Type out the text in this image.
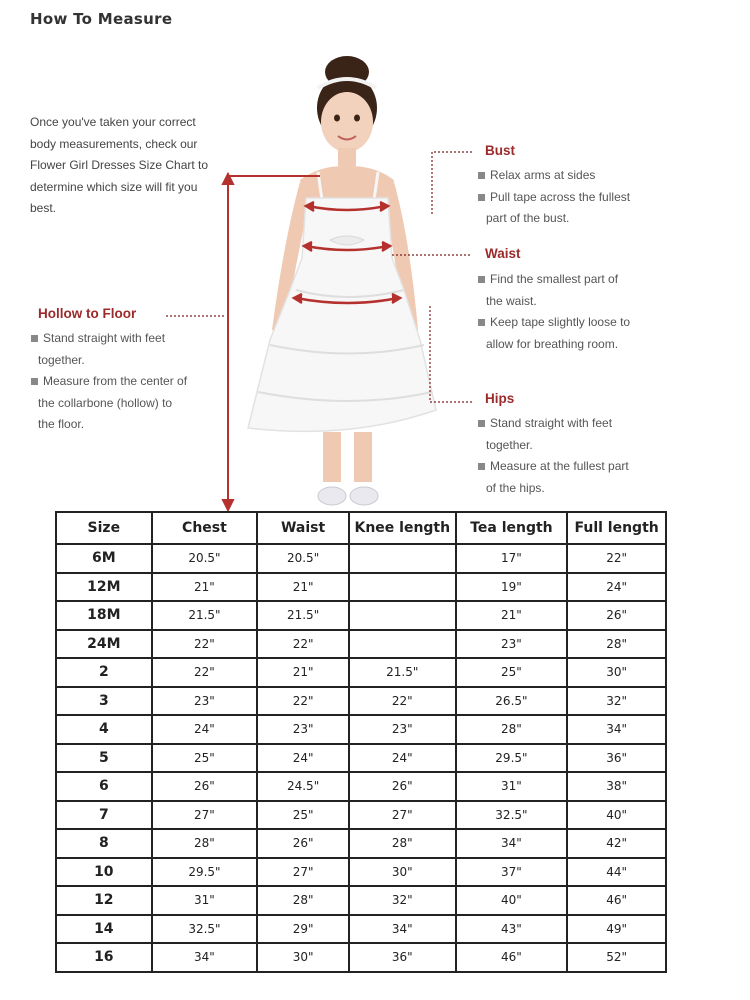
How To Measure
Once you've taken your correct body measurements, check our Flower Girl Dresses Size Chart to determine which size will fit you best.
Bust
Relax arms at sides
Pull tape across the fullest
part of the bust.
Waist
Find the smallest part of
the waist.
Keep tape slightly loose to
allow for breathing room.
Hips
Stand straight with feet
together.
Measure at the fullest part
of the hips.
Hollow to Floor
Stand straight with feet
together.
Measure from the center of
the collarbone (hollow) to
the floor.
Size	Chest	Waist	Knee length	Tea length	Full length
6M	20.5"	20.5"		17"	22"
12M	21"	21"		19"	24"
18M	21.5"	21.5"		21"	26"
24M	22"	22"		23"	28"
2	22"	21"	21.5"	25"	30"
3	23"	22"	22"	26.5"	32"
4	24"	23"	23"	28"	34"
5	25"	24"	24"	29.5"	36"
6	26"	24.5"	26"	31"	38"
7	27"	25"	27"	32.5"	40"
8	28"	26"	28"	34"	42"
10	29.5"	27"	30"	37"	44"
12	31"	28"	32"	40"	46"
14	32.5"	29"	34"	43"	49"
16	34"	30"	36"	46"	52"
